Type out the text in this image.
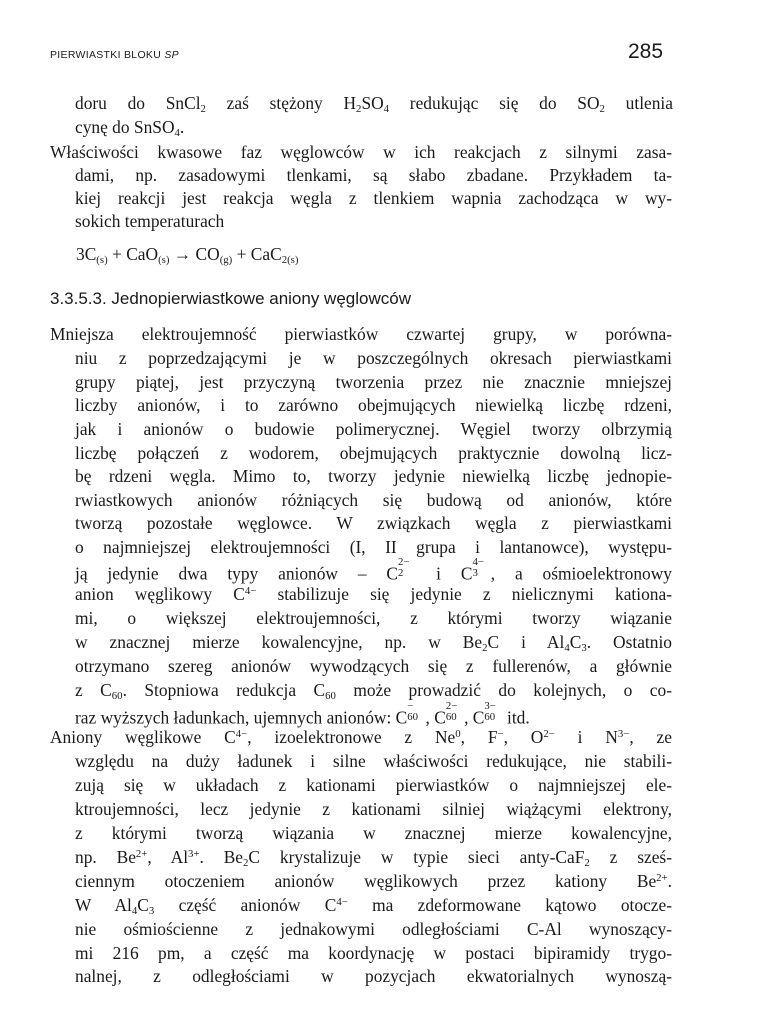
PIERWIASTKI BLOKU SP	285
doru do SnCl$_2$ zaś stężony $H_2SO_4$ redukując się do $SO_2$ utlenia
cynę do SnSO$_4$.
Właściwości kwasowe faz węglowców w ich reakcjach z silnymi zasa-
dami, np. zasadowymi tlenkami, są słabo zbadane. Przykładem ta-
kiej reakcji jest reakcja węgla z tlenkiem wapnia zachodząca w wy-
sokich temperaturach
$3C_{(s)} + CaO_{(s)} \to CO_{(g)} + CaC_{2(s)}$
3.3.5.3. Jednopierwiastkowe aniony węglowców
Mniejsza elektroujemność pierwiastków czwartej grupy, w porówna-
niu z poprzedzającymi je w poszczególnych okresach pierwiastkami
grupy piątej, jest przyczyną tworzenia przez nie znacznie mniejszej
liczby anionów, i to zarówno obejmujących niewielką liczbę rdzeni,
jak i anionów o budowie polimerycznej. Węgiel tworzy olbrzymią
liczbę połączeń z wodorem, obejmujących praktycznie dowolną licz-
bę rdzeni węgla. Mimo to, tworzy jedynie niewielką liczbę jednopie-
rwiastkowych anionów różniących się budową od anionów, które
tworzą pozostałe węglowce. W związkach węgla z pierwiastkami
o najmniejszej elektroujemności (I, II grupa i lantanowce), występu-
ją jedynie dwa typy anionów – C
2−
2 i C
4−
3 , a ośmioelektronowy
anion węglikowy $C^{4-}$ stabilizuje się jedynie z nielicznymi kationa-
mi, o większej elektroujemności, z którymi tworzy wiązanie
w znacznej mierze kowalencyjne, np. w $Be_2C$ i $Al_4C_3$. Ostatnio
otrzymano szereg anionów wywodzących się z fullerenów, a głównie
z $C_{60}$. Stopniowa redukcja $C_{60}$ może prowadzić do kolejnych, o co-
raz wyższych ładunkach, ujemnych anionów: C
−
60 , C
2−
60 , C
3−
60 itd.
Aniony węglikowe $C^{4-}$, izoelektronowe z Ne$^0$, F−, $O^{2-}$ i $N^{3-}$, ze
względu na duży ładunek i silne właściwości redukujące, nie stabili-
zują się w układach z kationami pierwiastków o najmniejszej ele-
ktroujemności, lecz jedynie z kationami silniej wiążącymi elektrony,
z którymi tworzą wiązania w znacznej mierze kowalencyjne,
np. $Be^{2+}$, $Al^{3+}$. $Be_2C$ krystalizuje w typie sieci anty-CaF$_2$ z sześ-
ciennym otoczeniem anionów węglikowych przez kationy $Be^{2+}$.
W $Al_4C_3$ część anionów $C^{4-}$ ma zdeformowane kątowo otocze-
nie ośmiościenne z jednakowymi odległościami C-Al wynoszący-
mi 216 pm, a część ma koordynację w postaci bipiramidy trygo-
nalnej, z odległościami w pozycjach ekwatorialnych wynoszą-
